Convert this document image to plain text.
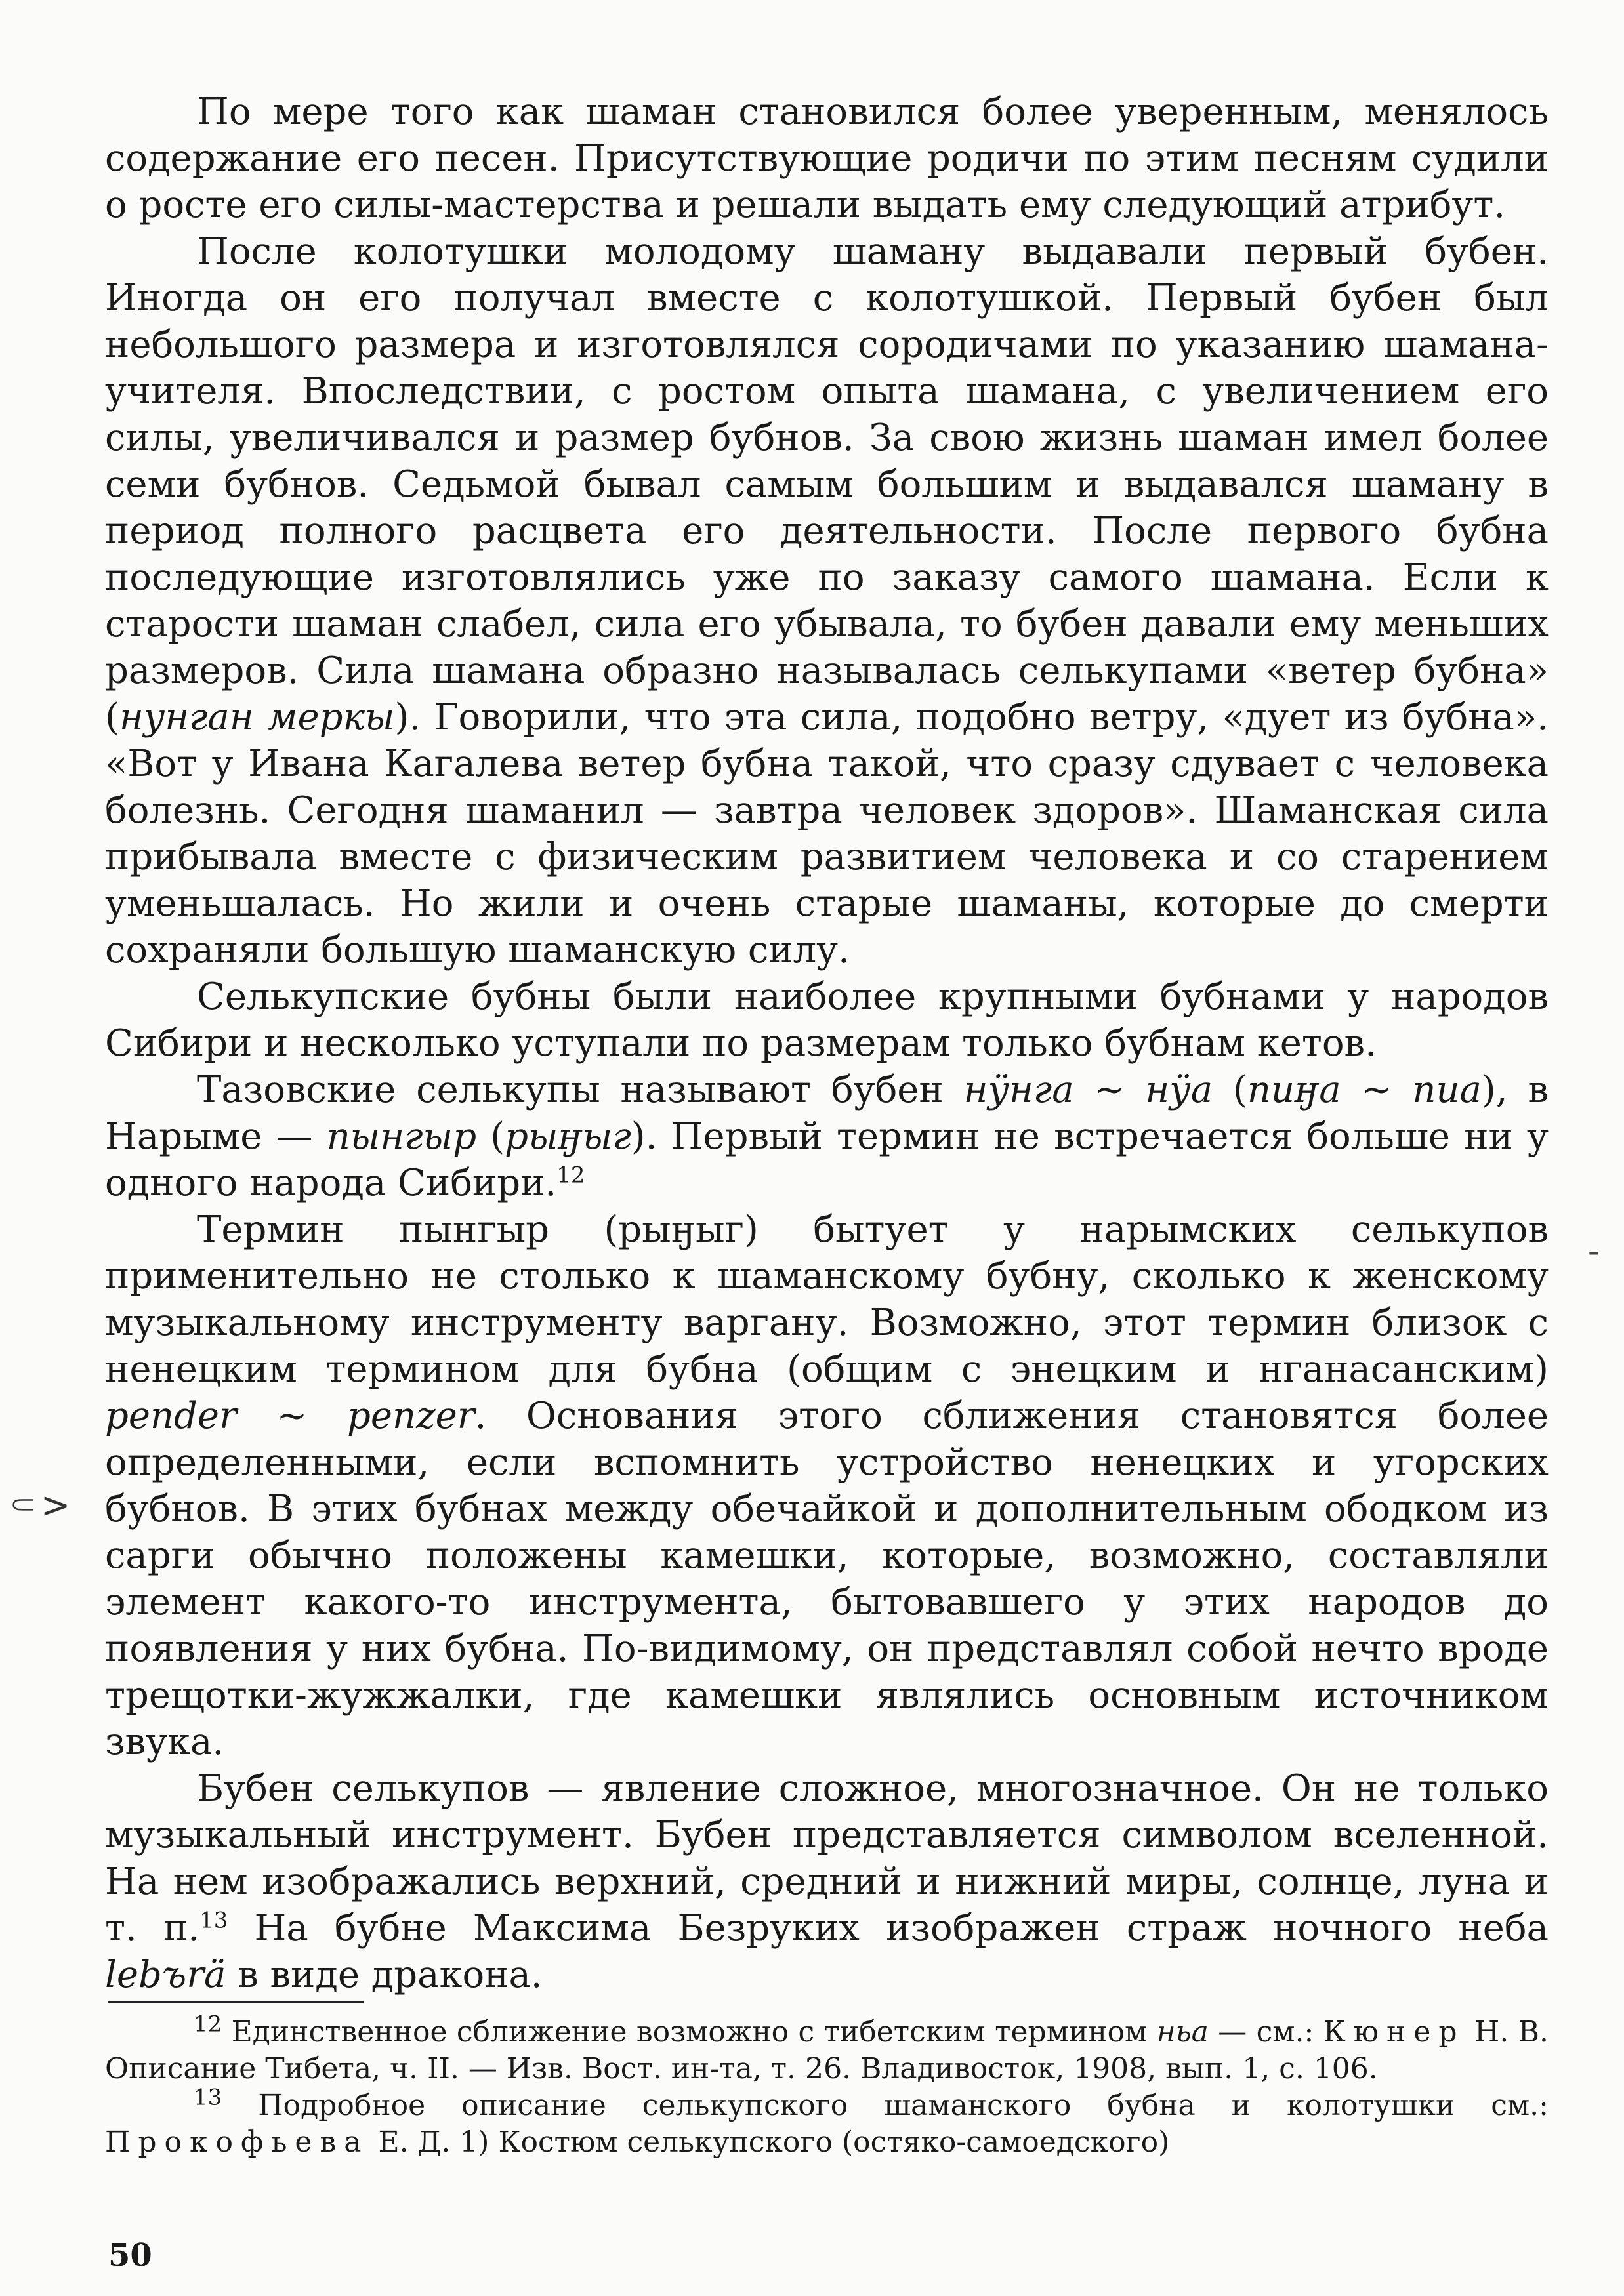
По мере того как шаман становился более уверенным, менялось содержание его песен. Присутствующие родичи по этим песням судили о росте его силы-мастерства и решали выдать ему следующий атрибут.

После колотушки молодому шаману выдавали первый бубен. Иногда он его получал вместе с колотушкой. Первый бубен был небольшого размера и изготовлялся сородичами по указанию шамана-учителя. Впоследствии, с ростом опыта шамана, с увеличением его силы, увеличивался и размер бубнов. За свою жизнь шаман имел более семи бубнов. Седьмой бывал самым большим и выдавался шаману в период полного расцвета его деятельности. После первого бубна последующие изготовлялись уже по заказу самого шамана. Если к старости шаман слабел, сила его убывала, то бубен давали ему меньших размеров. Сила шамана образно называлась селькупами «ветер бубна» (нунган меркы). Говорили, что эта сила, подобно ветру, «дует из бубна». «Вот у Ивана Кагалева ветер бубна такой, что сразу сдувает с человека болезнь. Сегодня шаманил — завтра человек здоров». Шаманская сила прибывала вместе с физическим развитием человека и со старением уменьшалась. Но жили и очень старые шаманы, которые до смерти сохраняли большую шаманскую силу.

Селькупские бубны были наиболее крупными бубнами у народов Сибири и несколько уступали по размерам только бубнам кетов.

Тазовские селькупы называют бубен нӱнга ~ нӱа (пиӈа ~ пиа), в Нарыме — пынгыр (рыӈыг). Первый термин не встречается больше ни у одного народа Сибири.$^{12}$

Термин пынгыр (рыӈыг) бытует у нарымских селькупов применительно не столько к шаманскому бубну, сколько к женскому музыкальному инструменту варгану. Возможно, этот термин близок с ненецким термином для бубна (общим с энецким и нганасанским) pender ~ penzer. Основания этого сближения становятся более определенными, если вспомнить устройство ненецких и угорских бубнов. В этих бубнах между обечайкой и дополнительным ободком из сарги обычно положены камешки, которые, возможно, составляли элемент какого-то инструмента, бытовавшего у этих народов до появления у них бубна. По-видимому, он представлял собой нечто вроде трещотки-жужжалки, где камешки являлись основным источником звука.

Бубен селькупов — явление сложное, многозначное. Он не только музыкальный инструмент. Бубен представляется символом вселенной. На нем изображались верхний, средний и нижний миры, солнце, луна и т. п.$^{13}$ На бубне Максима Безруких изображен страж ночного неба lebъrä в виде дракона.

⸦>
-

$^{12}$ Единственное сближение возможно с тибетским термином ньа — см.: Кюнер Н. В. Описание Тибета, ч. II. — Изв. Вост. ин-та, т. 26. Владивосток, 1908, вып. 1, с. 106.

$^{13}$ Подробное описание селькупского шаманского бубна и колотушки см.: Прокофьева Е. Д. 1) Костюм селькупского (остяко-самоедского)

50
